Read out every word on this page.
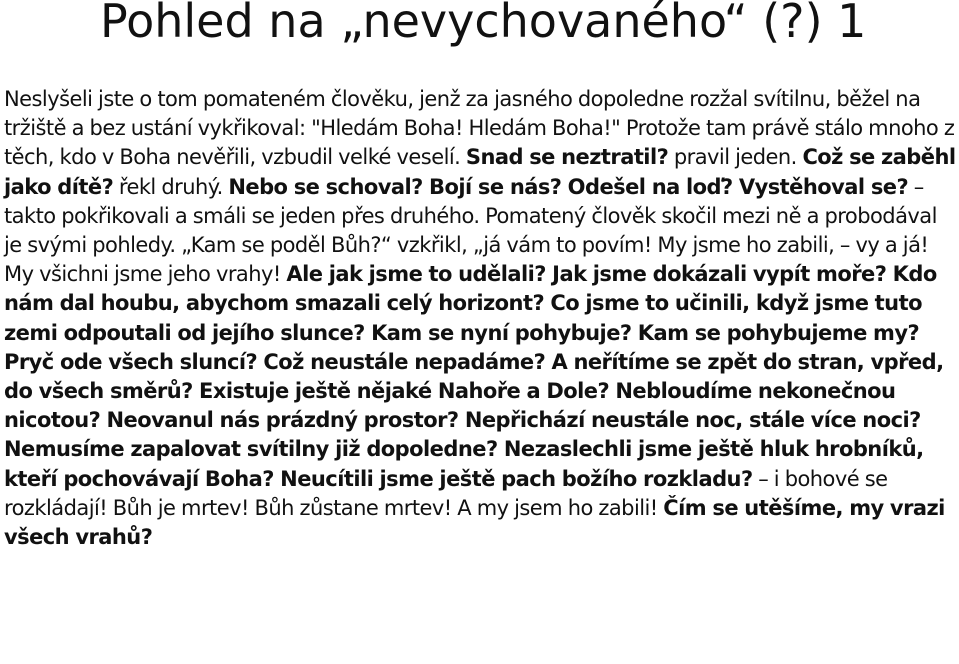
Pohled na „nevychovaného“ (?) 1

Neslyšeli jste o tom pomateném člověku, jenž za jasného dopoledne rozžal svítilnu, běžel na tržiště a bez ustání vykřikoval: "Hledám Boha! Hledám Boha!" Protože tam právě stálo mnoho z těch, kdo v Boha nevěřili, vzbudil velké veselí. Snad se neztratil? pravil jeden. Což se zaběhl jako dítě? řekl druhý. Nebo se schoval? Bojí se nás? Odešel na loď? Vystěhoval se? – takto pokřikovali a smáli se jeden přes druhého. Pomatený člověk skočil mezi ně a probodával je svými pohledy. „Kam se poděl Bůh?“ vzkřikl, „já vám to povím! My jsme ho zabili, – vy a já! My všichni jsme jeho vrahy! Ale jak jsme to udělali? Jak jsme dokázali vypít moře? Kdo nám dal houbu, abychom smazali celý horizont? Co jsme to učinili, když jsme tuto zemi odpoutali od jejího slunce? Kam se nyní pohybuje? Kam se pohybujeme my? Pryč ode všech sluncí? Což neustále nepadáme? A neřítíme se zpět do stran, vpřed, do všech směrů? Existuje ještě nějaké Nahoře a Dole? Nebloudíme nekonečnou nicotou? Neovanul nás prázdný prostor? Nepřichází neustále noc, stále více noci? Nemusíme zapalovat svítilny již dopoledne? Nezaslechli jsme ještě hluk hrobníků, kteří pochovávají Boha? Neucítili jsme ještě pach božího rozkladu? – i bohové se rozkládají! Bůh je mrtev! Bůh zůstane mrtev! A my jsem ho zabili! Čím se utěšíme, my vrazi všech vrahů?
